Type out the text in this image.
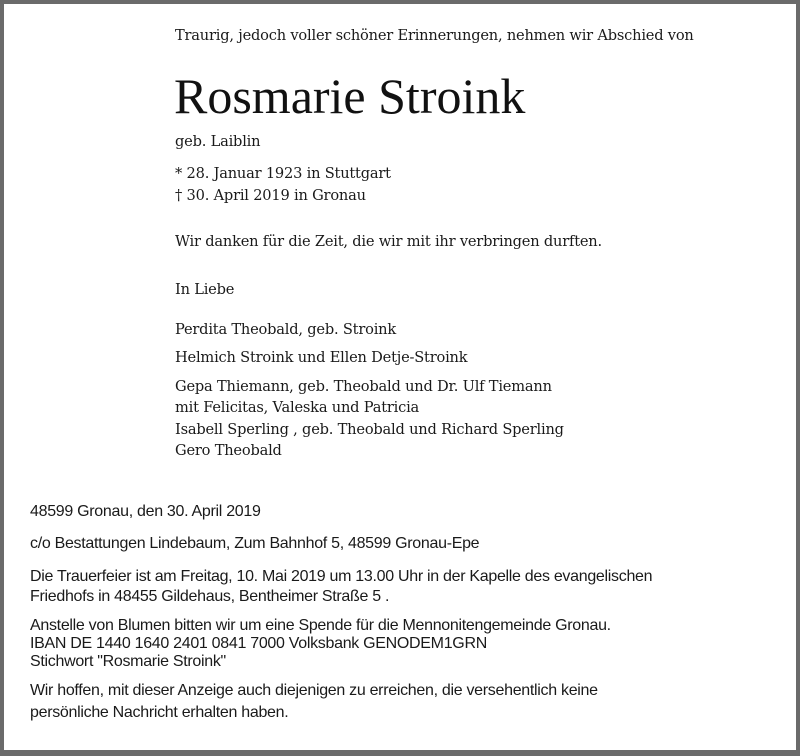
Traurig, jedoch voller schöner Erinnerungen, nehmen wir Abschied von

Rosmarie Stroink

geb. Laiblin

* 28. Januar 1923 in Stuttgart

† 30. April 2019 in Gronau

Wir danken für die Zeit, die wir mit ihr verbringen durften.

In Liebe

Perdita Theobald, geb. Stroink

Helmich Stroink und Ellen Detje-Stroink

Gepa Thiemann, geb. Theobald und Dr. Ulf Tiemann

mit Felicitas, Valeska und Patricia

Isabell Sperling , geb. Theobald und Richard Sperling

Gero Theobald

48599 Gronau, den 30. April 2019

c/o Bestattungen Lindebaum, Zum Bahnhof 5, 48599 Gronau-Epe

Die Trauerfeier ist am Freitag, 10. Mai 2019 um 13.00 Uhr in der Kapelle des evangelischen

Friedhofs in 48455 Gildehaus, Bentheimer Straße 5 .

Anstelle von Blumen bitten wir um eine Spende für die Mennonitengemeinde Gronau.

IBAN DE 1440 1640 2401 0841 7000 Volksbank GENODEM1GRN

Stichwort "Rosmarie Stroink"

Wir hoffen, mit dieser Anzeige auch diejenigen zu erreichen, die versehentlich keine

persönliche Nachricht erhalten haben.
